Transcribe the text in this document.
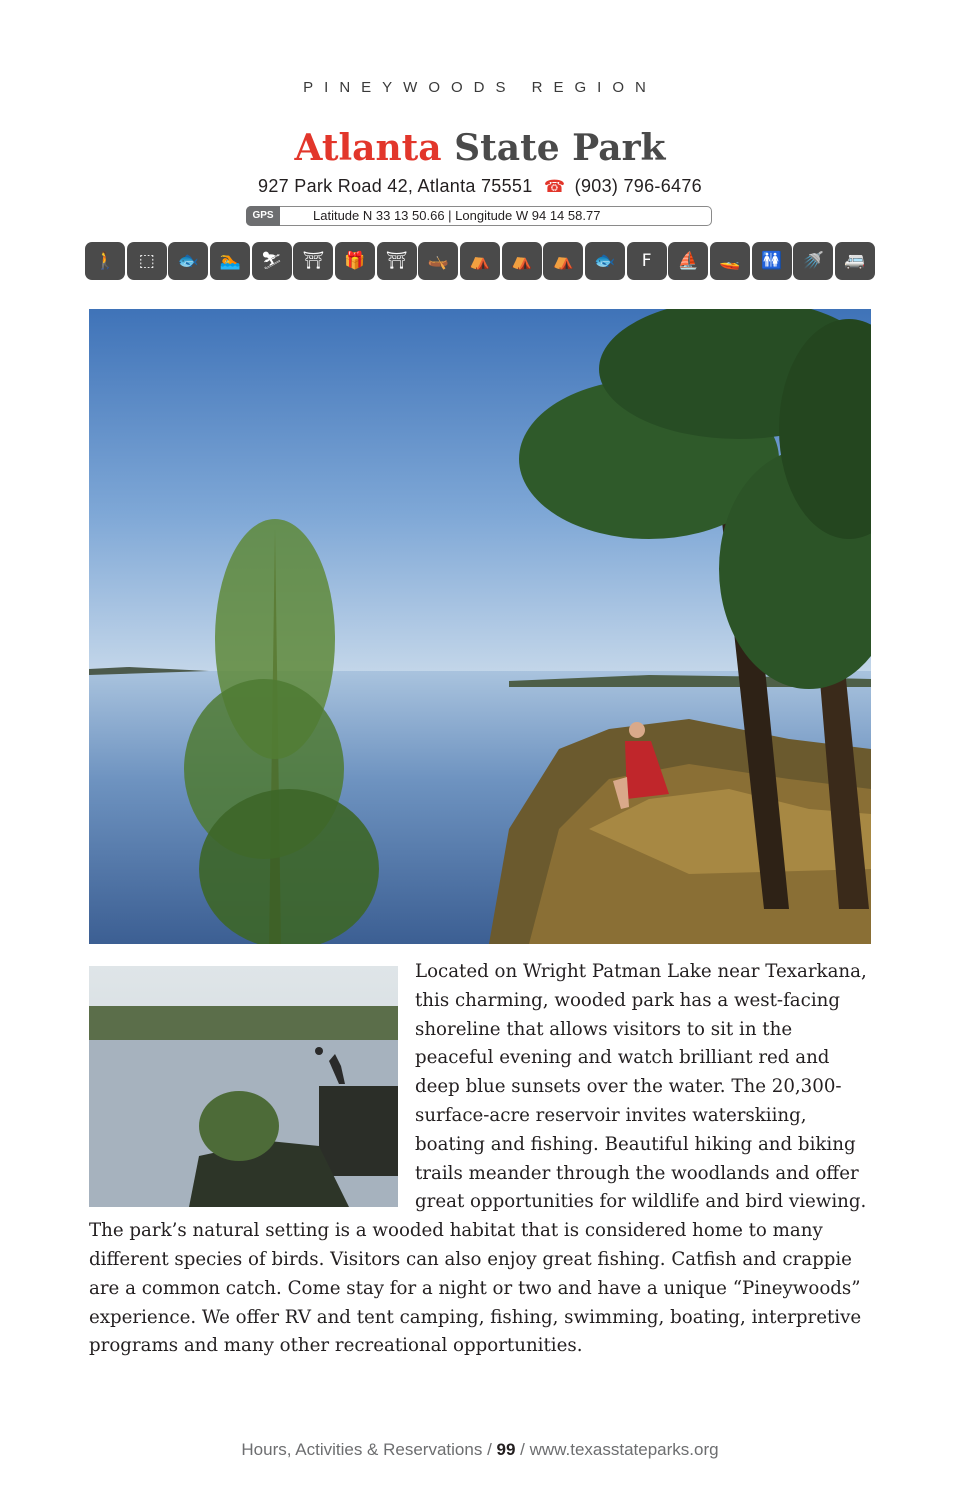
PINEYWOODS REGION
Atlanta State Park
927 Park Road 42, Atlanta 75551 ☎ (903) 796-6476
GPS	Latitude N 33 13 50.66 | Longitude W 94 14 58.77
🚶	⬚	🐟	🏊	⛷	⛩	🎁	⛩	🛶	⛺	⛺	⛺	🐟	F	⛵	🚤	🚻	🚿	🚐
Located on Wright Patman Lake near Texarkana, this charming, wooded park has a west-facing shoreline that allows visitors to sit in the peaceful evening and watch brilliant red and deep blue sunsets over the water. The 20,300-surface-acre reservoir invites waterskiing, boating and fishing. Beautiful hiking and biking trails meander through the woodlands and offer great opportunities for wildlife and bird viewing. The park’s natural setting is a wooded habitat that is considered home to many different species of birds. Visitors can also enjoy great fishing. Catfish and crappie are a common catch. Come stay for a night or two and have a unique “Pineywoods” experience. We offer RV and tent camping, fishing, swimming, boating, interpretive programs and many other recreational opportunities.
Hours, Activities & Reservations / 99 / www.texasstateparks.org
